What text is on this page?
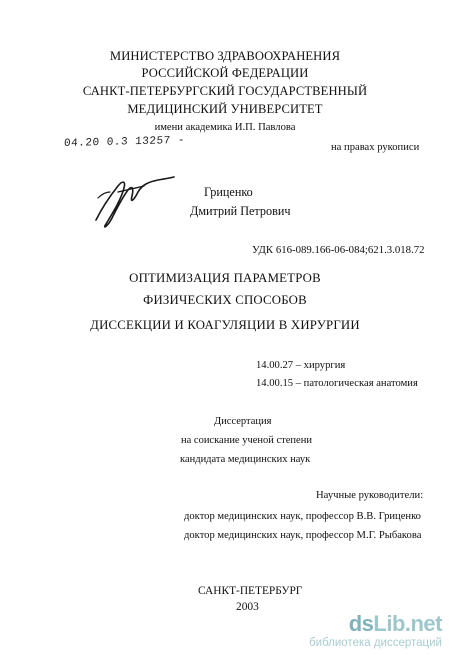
МИНИСТЕРСТВО ЗДРАВООХРАНЕНИЯ
РОССИЙСКОЙ ФЕДЕРАЦИИ
САНКТ-ПЕТЕРБУРГСКИЙ ГОСУДАРСТВЕННЫЙ
МЕДИЦИНСКИЙ УНИВЕРСИТЕТ
имени академика И.П. Павлова
04.20 0.3 13257 -	на правах рукописи
Гриценко
Дмитрий Петрович
УДК 616-089.166-06-084;621.3.018.72
ОПТИМИЗАЦИЯ ПАРАМЕТРОВ
ФИЗИЧЕСКИХ СПОСОБОВ
ДИССЕКЦИИ И КОАГУЛЯЦИИ В ХИРУРГИИ
14.00.27 – хирургия
14.00.15 – патологическая анатомия
Диссертация
на соискание ученой степени
кандидата медицинских наук
Научные руководители:
доктор медицинских наук, профессор В.В. Гриценко
доктор медицинских наук, профессор М.Г. Рыбакова
САНКТ-ПЕТЕРБУРГ
2003
dsLib.net
библиотека диссертаций
